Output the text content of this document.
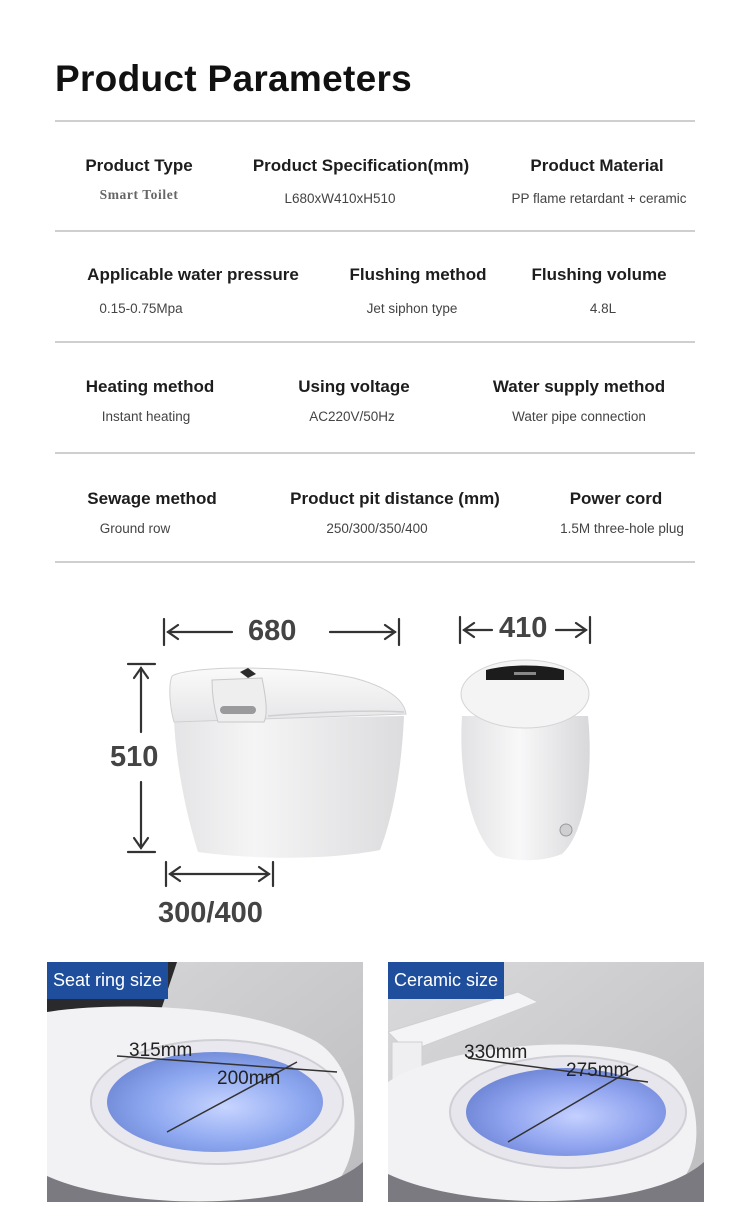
Product Parameters
Product Type
Smart Toilet
Product Specification(mm)
L680xW410xH510
Product Material
PP flame retardant + ceramic
Applicable water pressure
0.15-0.75Mpa
Flushing method
Jet siphon type
Flushing volume
4.8L
Heating method
Instant heating
Using voltage
AC220V/50Hz
Water supply method
Water pipe connection
Sewage method
Ground row
Product pit distance (mm)
250/300/350/400
Power cord
1.5M three-hole plug
680	410
510
300/400
Seat ring size
315mm
200mm
Ceramic size
330mm
275mm
